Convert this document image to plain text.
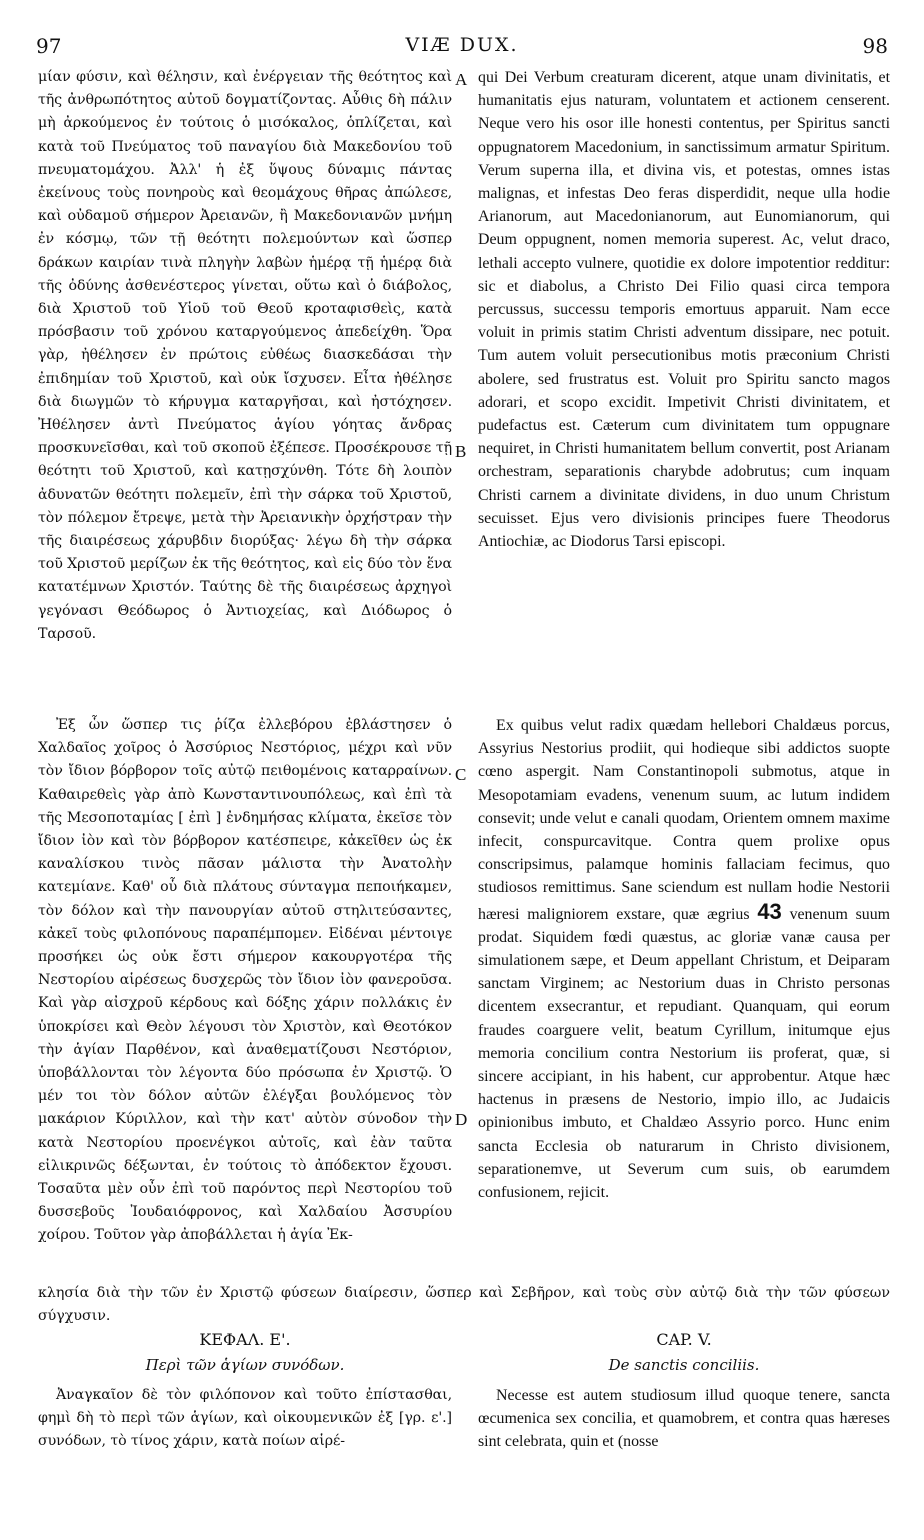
97	VIÆ DUX.	98
A
B
C
D

μίαν φύσιν, καὶ θέλησιν, καὶ ἐνέργειαν τῆς θεότητος καὶ τῆς ἀνθρωπότητος αὐτοῦ δογματίζοντας. Αὖθις δὴ πάλιν μὴ ἀρκούμενος ἐν τούτοις ὁ μισόκαλος, ὁπλίζεται, καὶ κατὰ τοῦ Πνεύματος τοῦ παναγίου διὰ Μακεδονίου τοῦ πνευματομάχου. Ἀλλ' ἡ ἐξ ὕψους δύναμις πάντας ἐκείνους τοὺς πονηροὺς καὶ θεομάχους θῆρας ἀπώλεσε, καὶ οὐδαμοῦ σήμερον Ἀρειανῶν, ἢ Μακεδονιανῶν μνήμη ἐν κόσμῳ, τῶν τῇ θεότητι πολεμούντων καὶ ὥσπερ δράκων καιρίαν τινὰ πληγὴν λαβὼν ἡμέρᾳ τῇ ἡμέρᾳ διὰ τῆς ὀδύνης ἀσθενέστερος γίνεται, οὕτω καὶ ὁ διάβολος, διὰ Χριστοῦ τοῦ Υἱοῦ τοῦ Θεοῦ κροταφισθεὶς, κατὰ πρόσβασιν τοῦ χρόνου καταργούμενος ἀπεδείχθη. Ὅρα γὰρ, ἠθέλησεν ἐν πρώτοις εὐθέως διασκεδάσαι τὴν ἐπιδημίαν τοῦ Χριστοῦ, καὶ οὐκ ἴσχυσεν. Εἶτα ἠθέλησε διὰ διωγμῶν τὸ κήρυγμα καταργῆσαι, καὶ ἠστόχησεν. Ἠθέλησεν ἀντὶ Πνεύματος ἁγίου γόητας ἄνδρας προσκυνεῖσθαι, καὶ τοῦ σκοποῦ ἐξέπεσε. Προσέκρουσε τῇ θεότητι τοῦ Χριστοῦ, καὶ κατῃσχύνθη. Τότε δὴ λοιπὸν ἀδυνατῶν θεότητι πολεμεῖν, ἐπὶ τὴν σάρκα τοῦ Χριστοῦ, τὸν πόλεμον ἔτρεψε, μετὰ τὴν Ἀρειανικὴν ὀρχήστραν τὴν τῆς διαιρέσεως χάρυβδιν διορύξας· λέγω δὴ τὴν σάρκα τοῦ Χριστοῦ μερίζων ἐκ τῆς θεότητος, καὶ εἰς δύο τὸν ἕνα κατατέμνων Χριστόν. Ταύτης δὲ τῆς διαιρέσεως ἀρχηγοὶ γεγόνασι Θεόδωρος ὁ Ἀντιοχείας, καὶ Διόδωρος ὁ Ταρσοῦ.

Ἐξ ὧν ὥσπερ τις ῥίζα ἐλλεβόρου ἐβλάστησεν ὁ Χαλδαῖος χοῖρος ὁ Ἀσσύριος Νεστόριος, μέχρι καὶ νῦν τὸν ἴδιον βόρβορον τοῖς αὐτῷ πειθομένοις καταρραίνων. Καθαιρεθεὶς γὰρ ἀπὸ Κωνσταντινουπόλεως, καὶ ἐπὶ τὰ τῆς Μεσοποταμίας [ ἐπὶ ] ἐνδημήσας κλίματα, ἐκεῖσε τὸν ἴδιον ἰὸν καὶ τὸν βόρβορον κατέσπειρε, κἀκεῖθεν ὡς ἐκ καναλίσκου τινὸς πᾶσαν μάλιστα τὴν Ἀνατολὴν κατεμίανε. Καθ' οὗ διὰ πλάτους σύνταγμα πεποιήκαμεν, τὸν δόλον καὶ τὴν πανουργίαν αὐτοῦ στηλιτεύσαντες, κἀκεῖ τοὺς φιλοπόνους παραπέμπομεν. Εἰδέναι μέντοιγε προσήκει ὡς οὐκ ἔστι σήμερον κακουργοτέρα τῆς Νεστορίου αἱρέσεως δυσχερῶς τὸν ἴδιον ἰὸν φανεροῦσα. Καὶ γὰρ αἰσχροῦ κέρδους καὶ δόξης χάριν πολλάκις ἐν ὑποκρίσει καὶ Θεὸν λέγουσι τὸν Χριστὸν, καὶ Θεοτόκον τὴν ἁγίαν Παρθένον, καὶ ἀναθεματίζουσι Νεστόριον, ὑποβάλλονται τὸν λέγοντα δύο πρόσωπα ἐν Χριστῷ. Ὁ μέν τοι τὸν δόλον αὐτῶν ἐλέγξαι βουλόμενος τὸν μακάριον Κύριλλον, καὶ τὴν κατ' αὐτὸν σύνοδον τὴν κατὰ Νεστορίου προενέγκοι αὐτοῖς, καὶ ἐὰν ταῦτα εἰλικρινῶς δέξωνται, ἐν τούτοις τὸ ἀπόδεκτον ἔχουσι. Τοσαῦτα μὲν οὖν ἐπὶ τοῦ παρόντος περὶ Νεστορίου τοῦ δυσσεβοῦς Ἰουδαιόφρονος, καὶ Χαλδαίου Ἀσσυρίου χοίρου. Τοῦτον γὰρ ἀποβάλλεται ἡ ἁγία Ἐκ-

qui Dei Verbum creaturam dicerent, atque unam divinitatis, et humanitatis ejus naturam, voluntatem et actionem censerent. Neque vero his osor ille honesti contentus, per Spiritus sancti oppugnatorem Macedonium, in sanctissimum armatur Spiritum. Verum superna illa, et divina vis, et potestas, omnes istas malignas, et infestas Deo feras disperdidit, neque ulla hodie Arianorum, aut Macedonianorum, aut Eunomianorum, qui Deum oppugnent, nomen memoria superest. Ac, velut draco, lethali accepto vulnere, quotidie ex dolore impotentior redditur: sic et diabolus, a Christo Dei Filio quasi circa tempora percussus, successu temporis emortuus apparuit. Nam ecce voluit in primis statim Christi adventum dissipare, nec potuit. Tum autem voluit persecutionibus motis præconium Christi abolere, sed frustratus est. Voluit pro Spiritu sancto magos adorari, et scopo excidit. Impetivit Christi divinitatem, et pudefactus est. Cæterum cum divinitatem tum oppugnare nequiret, in Christi humanitatem bellum convertit, post Arianam orchestram, separationis charybde adobrutus; cum inquam Christi carnem a divinitate dividens, in duo unum Christum secuisset. Ejus vero divisionis principes fuere Theodorus Antiochiæ, ac Diodorus Tarsi episcopi.

Ex quibus velut radix quædam hellebori Chaldæus porcus, Assyrius Nestorius prodiit, qui hodieque sibi addictos suopte cœno aspergit. Nam Constantinopoli submotus, atque in Mesopotamiam evadens, venenum suum, ac lutum indidem consevit; unde velut e canali quodam, Orientem omnem maxime infecit, conspurcavitque. Contra quem prolixe opus conscripsimus, palamque hominis fallaciam fecimus, quo studiosos remittimus. Sane sciendum est nullam hodie Nestorii hæresi maligniorem exstare, quæ ægrius 43 venenum suum prodat. Siquidem fœdi quæstus, ac gloriæ vanæ causa per simulationem sæpe, et Deum appellant Christum, et Deiparam sanctam Virginem; ac Nestorium duas in Christo personas dicentem exsecrantur, et repudiant. Quanquam, qui eorum fraudes coarguere velit, beatum Cyrillum, initumque ejus memoria concilium contra Nestorium iis proferat, quæ, si sincere accipiant, in his habent, cur approbentur. Atque hæc hactenus in præsens de Nestorio, impio illo, ac Judaicis opinionibus imbuto, et Chaldæo Assyrio porco. Hunc enim sancta Ecclesia ob naturarum in Christo divisionem, separationemve, ut Severum cum suis, ob earumdem confusionem, rejicit.

κλησία διὰ τὴν τῶν ἐν Χριστῷ φύσεων διαίρεσιν, ὥσπερ καὶ Σεβῆρον, καὶ τοὺς σὺν αὐτῷ διὰ τὴν τῶν φύσεων σύγχυσιν.
ΚΕΦΑΛ. Ε'.	CAP. V.
Περὶ τῶν ἁγίων συνόδων.	De sanctis conciliis.

Ἀναγκαῖον δὲ τὸν φιλόπονον καὶ τοῦτο ἐπίστασθαι, φημὶ δὴ τὸ περὶ τῶν ἁγίων, καὶ οἰκουμενικῶν ἐξ [γρ. ε'.] συνόδων, τὸ τίνος χάριν, κατὰ ποίων αἱρέ-

Necesse est autem studiosum illud quoque tenere, sancta œcumenica sex concilia, et quamobrem, et contra quas hæreses sint celebrata, quin et (nosse
